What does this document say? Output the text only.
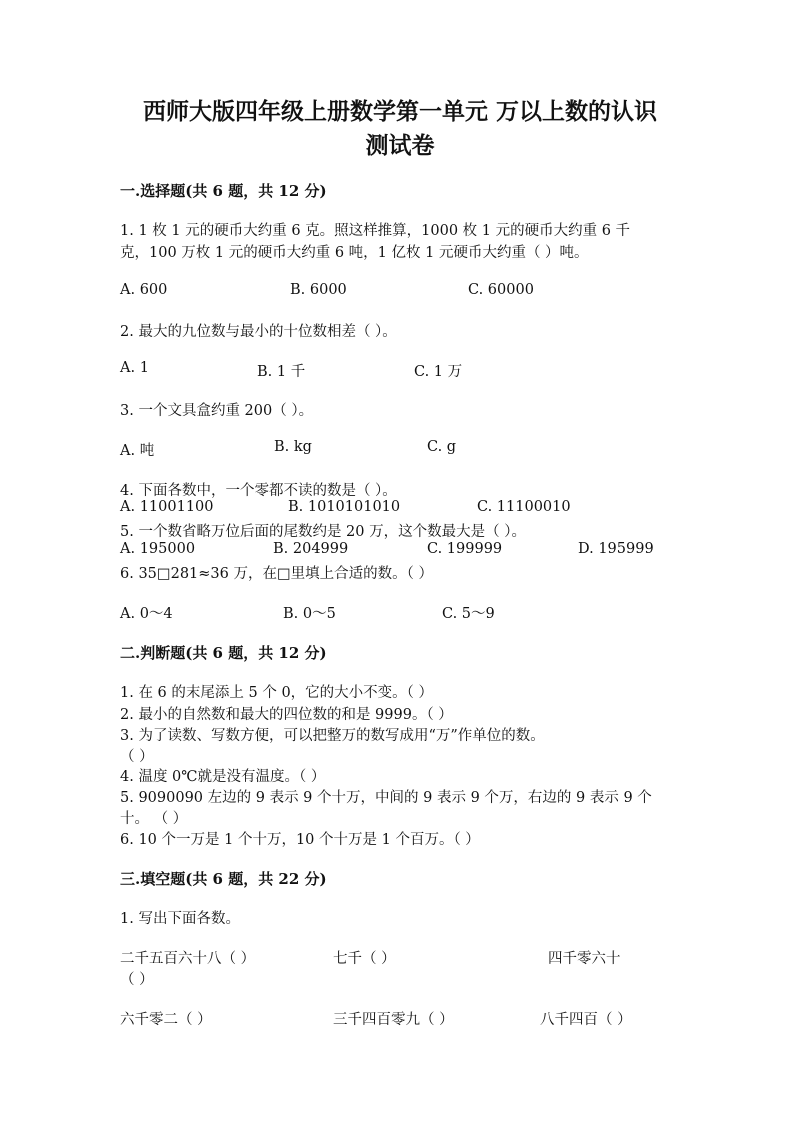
西师大版四年级上册数学第一单元 万以上数的认识
测试卷
一.选择题(共 6 题，共 12 分)
1. 1 枚 1 元的硬币大约重 6 克。照这样推算，1000 枚 1 元的硬币大约重 6 千
克，100 万枚 1 元的硬币大约重 6 吨，1 亿枚 1 元硬币大约重（ ）吨。
A. 600	B. 6000	C. 60000
2. 最大的九位数与最小的十位数相差（ ）。
A. 1	B. 1 千	C. 1 万
3. 一个文具盒约重 200（ ）。
A. 吨	B. kg	C. g
4. 下面各数中，一个零都不读的数是（ ）。
A. 11001100	B. 1010101010	C. 11100010
5. 一个数省略万位后面的尾数约是 20 万，这个数最大是（ ）。
A. 195000	B. 204999	C. 199999	D. 195999
6. 35□281≈36 万，在□里填上合适的数。（ ）
A. 0～4	B. 0～5	C. 5～9
二.判断题(共 6 题，共 12 分)
1. 在 6 的末尾添上 5 个 0，它的大小不变。（ ）
2. 最小的自然数和最大的四位数的和是 9999。（ ）
3. 为了读数、写数方便，可以把整万的数写成用“万”作单位的数。
（ ）
4. 温度 0℃就是没有温度。（ ）
5. 9090090 左边的 9 表示 9 个十万，中间的 9 表示 9 个万，右边的 9 表示 9 个
十。 （ ）
6. 10 个一万是 1 个十万，10 个十万是 1 个百万。（ ）
三.填空题(共 6 题，共 22 分)
1. 写出下面各数。
二千五百六十八（ ）	七千（ ）	四千零六十
（ ）
六千零二（ ）	三千四百零九（ ）	八千四百（ ）
